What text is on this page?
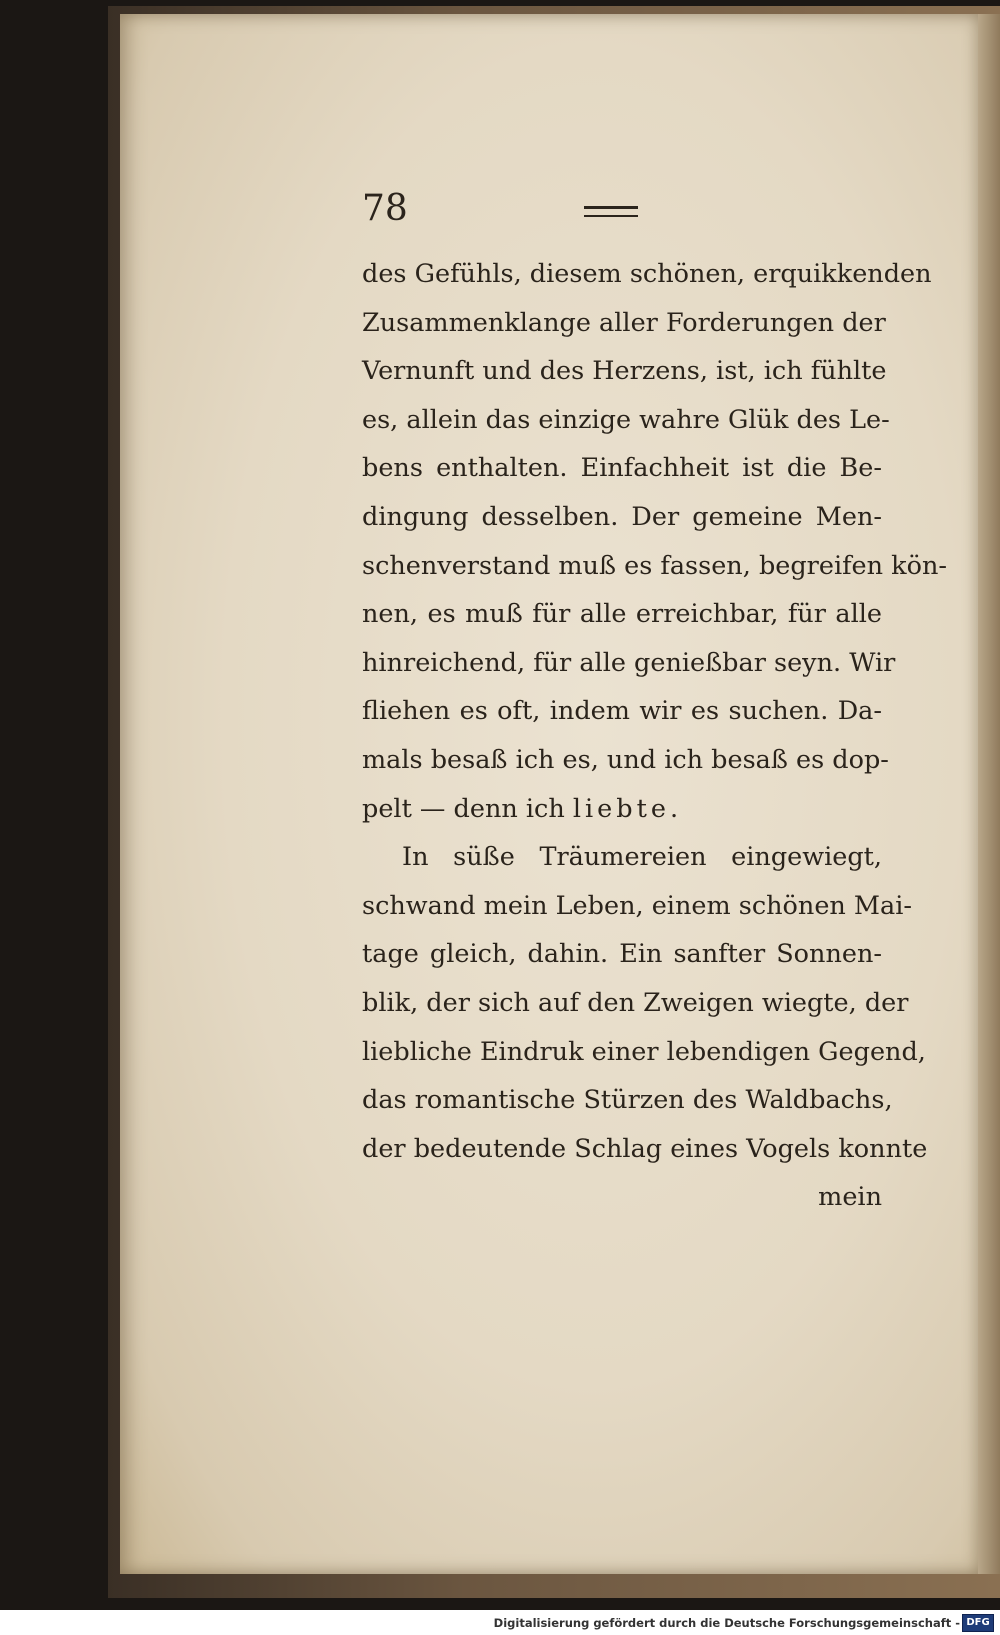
78
des Gefühls, diesem schönen, erquikkenden
Zusammenklange aller Forderungen der
Vernunft und des Herzens, ist, ich fühlte
es, allein das einzige wahre Glük des Le-
bens enthalten. Einfachheit ist die Be-
dingung desselben. Der gemeine Men-
schenverstand muß es fassen, begreifen kön-
nen, es muß für alle erreichbar, für alle
hinreichend, für alle genießbar seyn. Wir
fliehen es oft, indem wir es suchen. Da-
mals besaß ich es, und ich besaß es dop-
pelt — denn ich liebte.
In süße Träumereien eingewiegt,
schwand mein Leben, einem schönen Mai-
tage gleich, dahin. Ein sanfter Sonnen-
blik, der sich auf den Zweigen wiegte, der
liebliche Eindruk einer lebendigen Gegend,
das romantische Stürzen des Waldbachs,
der bedeutende Schlag eines Vogels konnte
mein
Digitalisierung gefördert durch die Deutsche Forschungsgemeinschaft - DFG
